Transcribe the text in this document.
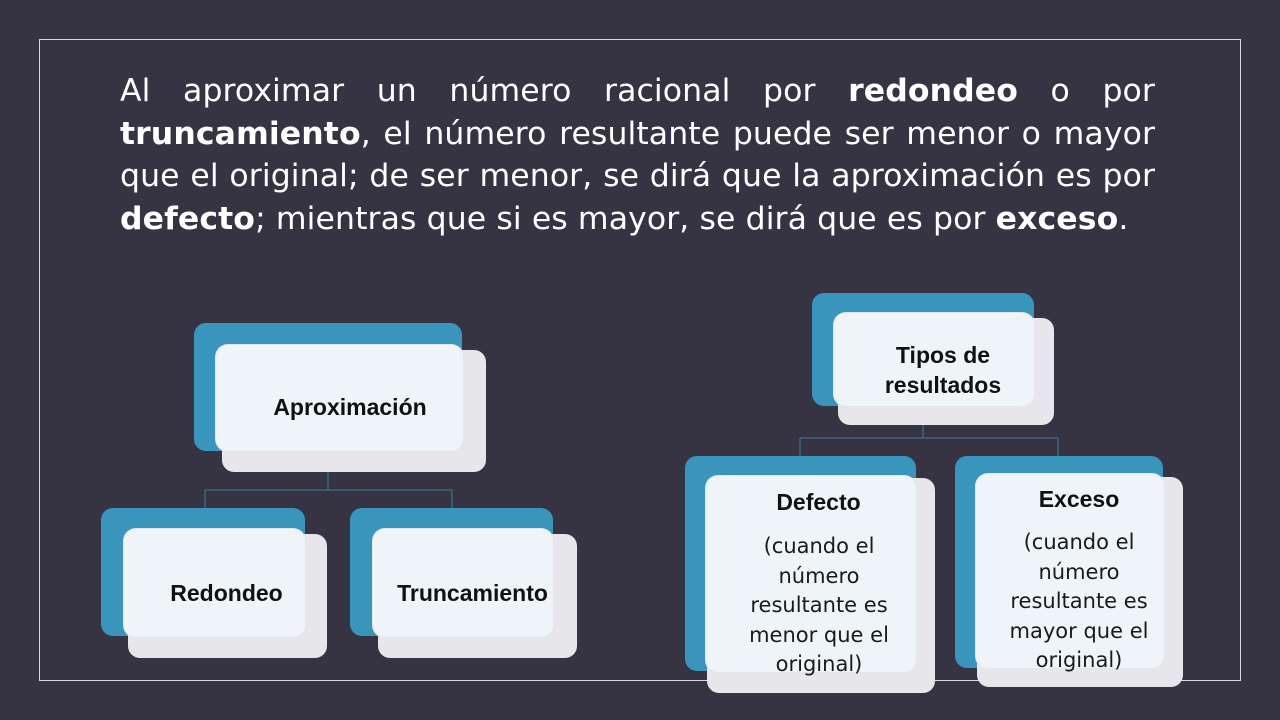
Al aproximar un número racional por redondeo o por truncamiento, el número resultante puede ser menor o mayor que el original; de ser menor, se dirá que la aproximación es por defecto; mientras que si es mayor, se dirá que es por exceso.
Aproximación
Redondeo	Truncamiento
Tipos de resultados
Defecto
(cuando el número resultante es menor que el original)
Exceso
(cuando el número resultante es mayor que el original)
